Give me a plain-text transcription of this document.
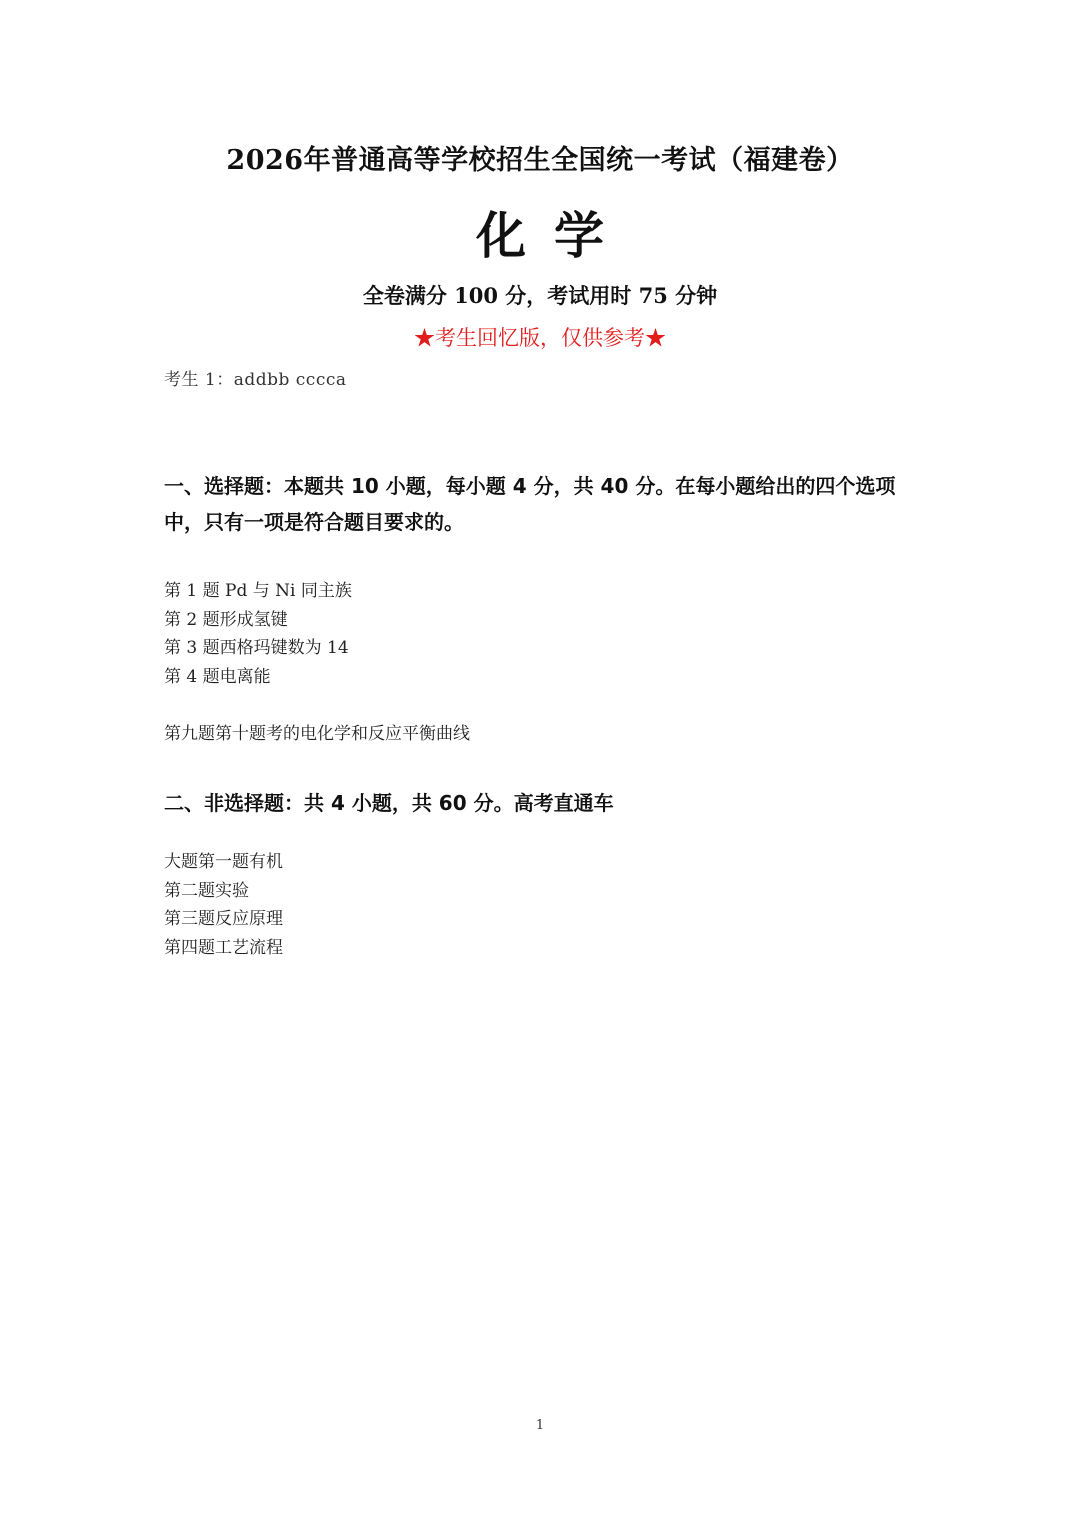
2026年普通高等学校招生全国统一考试（福建卷）
化学
全卷满分 100 分，考试用时 75 分钟
★考生回忆版，仅供参考★
考生 1：addbb cccca
一、选择题：本题共 10 小题，每小题 4 分，共 40 分。在每小题给出的四个选项
中，只有一项是符合题目要求的。
第 1 题 Pd 与 Ni 同主族
第 2 题形成氢键
第 3 题西格玛键数为 14
第 4 题电离能
第九题第十题考的电化学和反应平衡曲线
二、非选择题：共 4 小题，共 60 分。高考直通车
大题第一题有机
第二题实验
第三题反应原理
第四题工艺流程
1
